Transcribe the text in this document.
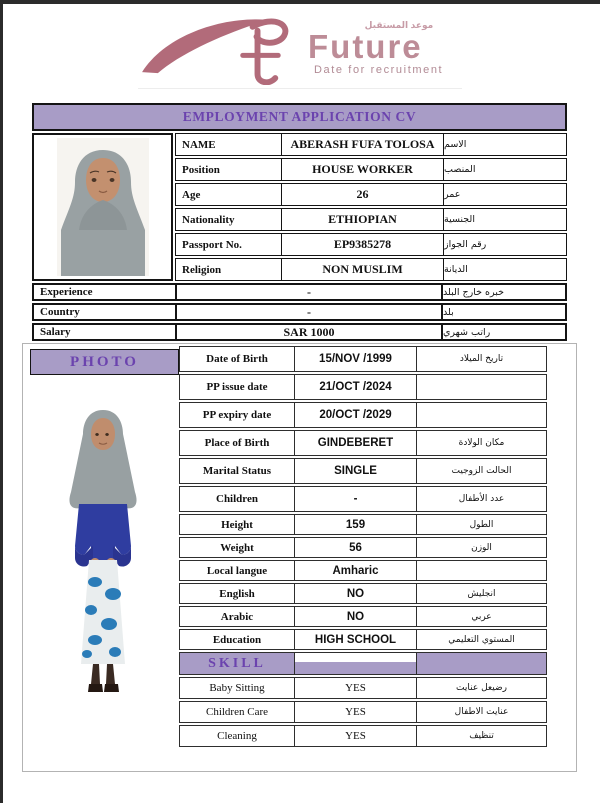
موعد المستقبل
Future
Date for recruitment
EMPLOYMENT APPLICATION CV
NAME	ABERASH FUFA TOLOSA الاسم
Position	HOUSE WORKER	المنصب
Age	26	عمر
Nationality	ETHIOPIAN	الجنسية
Passport No.	EP9385278	رقم الجواز
Religion	NON MUSLIM	الديانة
Experience	-	خبره خارج البلد
Country	-	بلد
Salary	SAR 1000	راتب شهري
PHOTO	Date of Birth	15/NOV /1999	تاريخ الميلاد
PP issue date	21/OCT /2024
PP expiry date	20/OCT /2029
Place of Birth	GINDEBERET	مكان الولادة
Marital Status	SINGLE	الحالت الزوجيت
Children	-	عدد الأطفال
Height	159	الطول
Weight	56	الوزن
Local langue	Amharic
English	NO	انجليش
Arabic	NO	عربي
Education	HIGH SCHOOL	المستوي التعليمي
SKILL
Baby Sitting	YES	رضيعل عنايت
Children Care	YES	عنايت الاطفال
Cleaning	YES	تنظيف
